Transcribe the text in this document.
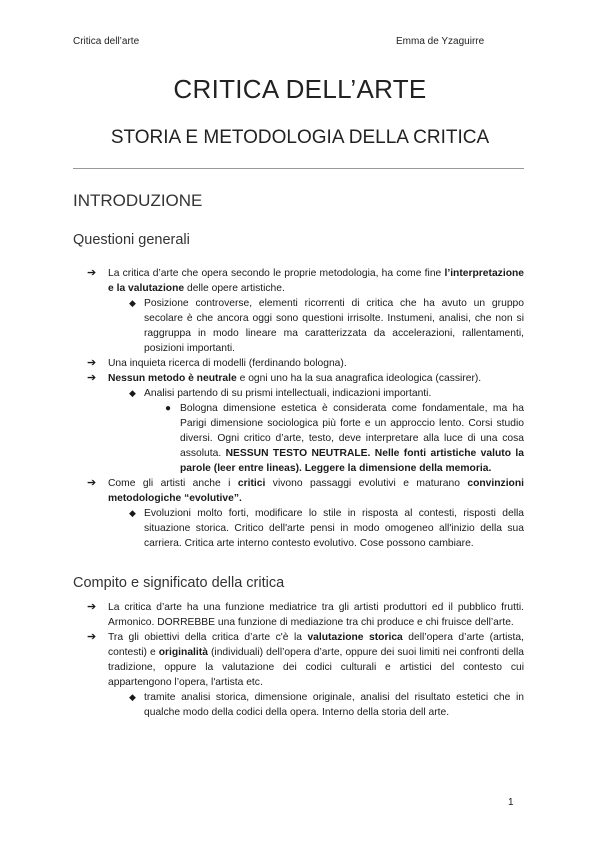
Critica dell’arte	Emma de Yzaguirre
CRITICA DELL’ARTE
STORIA E METODOLOGIA DELLA CRITICA
INTRODUZIONE
Questioni generali
➔ La critica d’arte che opera secondo le proprie metodologia, ha come fine l’interpretazione e la valutazione delle opere artistiche.
◆ Posizione controverse, elementi ricorrenti di critica che ha avuto un gruppo secolare è che ancora oggi sono questioni irrisolte. Instumeni, analisi, che non si raggruppa in modo lineare ma caratterizzata da accelerazioni, rallentamenti, posizioni importanti.
➔ Una inquieta ricerca di modelli (ferdinando bologna).
➔ Nessun metodo è neutrale e ogni uno ha la sua anagrafica ideologica (cassirer).
◆ Analisi partendo di su prismi intellectuali, indicazioni importanti.
● Bologna dimensione estetica è considerata come fondamentale, ma ha Parigi dimensione sociologica più forte e un approccio lento. Corsi studio diversi. Ogni critico d’arte, testo, deve interpretare alla luce di una cosa assoluta. NESSUN TESTO NEUTRALE. Nelle fonti artistiche valuto la parole (leer entre lineas). Leggere la dimensione della memoria.
➔ Come gli artisti anche i critici vivono passaggi evolutivi e maturano convinzioni metodologiche “evolutive”.
◆ Evoluzioni molto forti, modificare lo stile in risposta al contesti, risposti della situazione storica. Critico dell'arte pensi in modo omogeneo all'inizio della sua carriera. Critica arte interno contesto evolutivo. Cose possono cambiare.
Compito e significato della critica
➔ La critica d’arte ha una funzione mediatrice tra gli artisti produttori ed il pubblico frutti. Armonico. DORREBBE una funzione di mediazione tra chi produce e chi fruisce dell’arte.
➔ Tra gli obiettivi della critica d’arte c'è la valutazione storica dell’opera d’arte (artista, contesti) e originalità (individuali) dell’opera d’arte, oppure dei suoi limiti nei confronti della tradizione, oppure la valutazione dei codici culturali e artistici del contesto cui appartengono l’opera, l'artista etc.
◆ tramite analisi storica, dimensione originale, analisi del risultato estetici che in qualche modo della codici della opera. Interno della storia dell arte.
1
